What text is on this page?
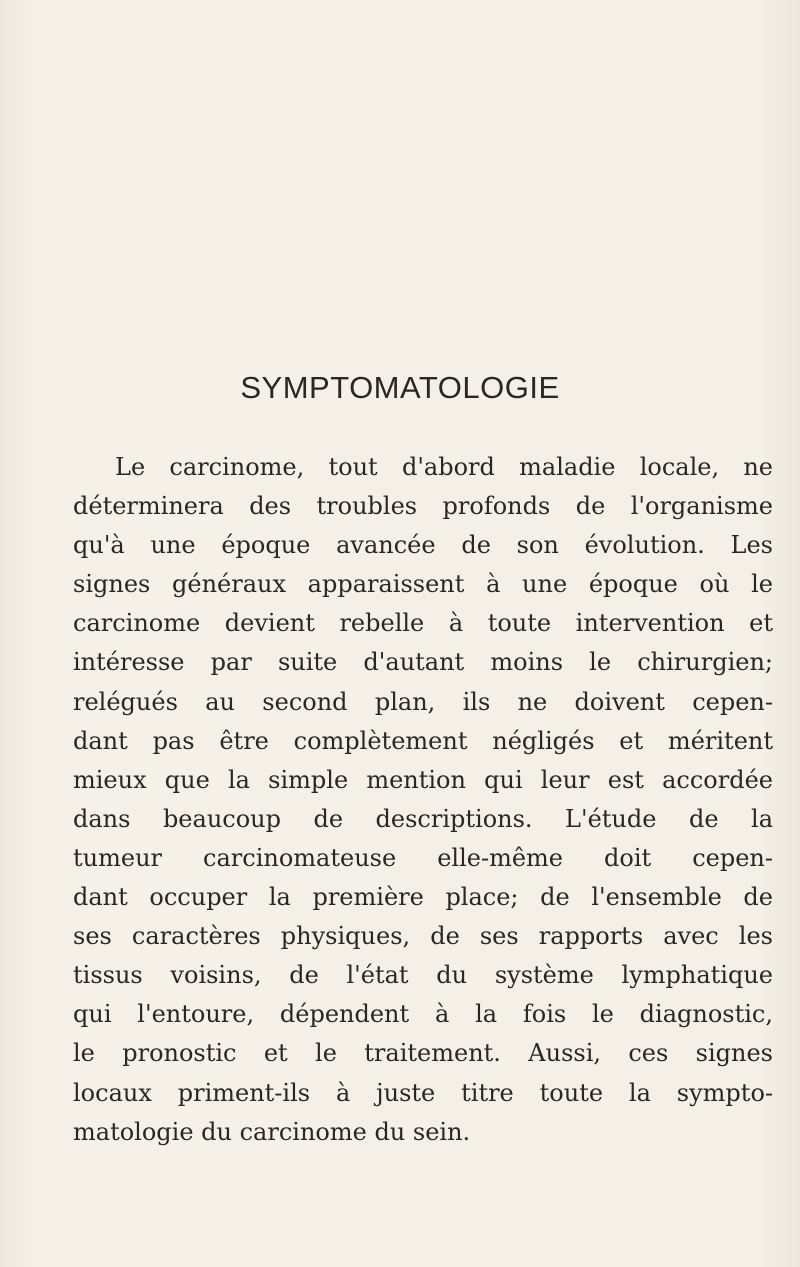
SYMPTOMATOLOGIE
Le carcinome, tout d'abord maladie locale, ne
déterminera des troubles profonds de l'organisme
qu'à une époque avancée de son évolution. Les
signes généraux apparaissent à une époque où le
carcinome devient rebelle à toute intervention et
intéresse par suite d'autant moins le chirurgien;
relégués au second plan, ils ne doivent cepen-
dant pas être complètement négligés et méritent
mieux que la simple mention qui leur est accordée
dans beaucoup de descriptions. L'étude de la
tumeur carcinomateuse elle-même doit cepen-
dant occuper la première place; de l'ensemble de
ses caractères physiques, de ses rapports avec les
tissus voisins, de l'état du système lymphatique
qui l'entoure, dépendent à la fois le diagnostic,
le pronostic et le traitement. Aussi, ces signes
locaux priment-ils à juste titre toute la sympto-
matologie du carcinome du sein.
